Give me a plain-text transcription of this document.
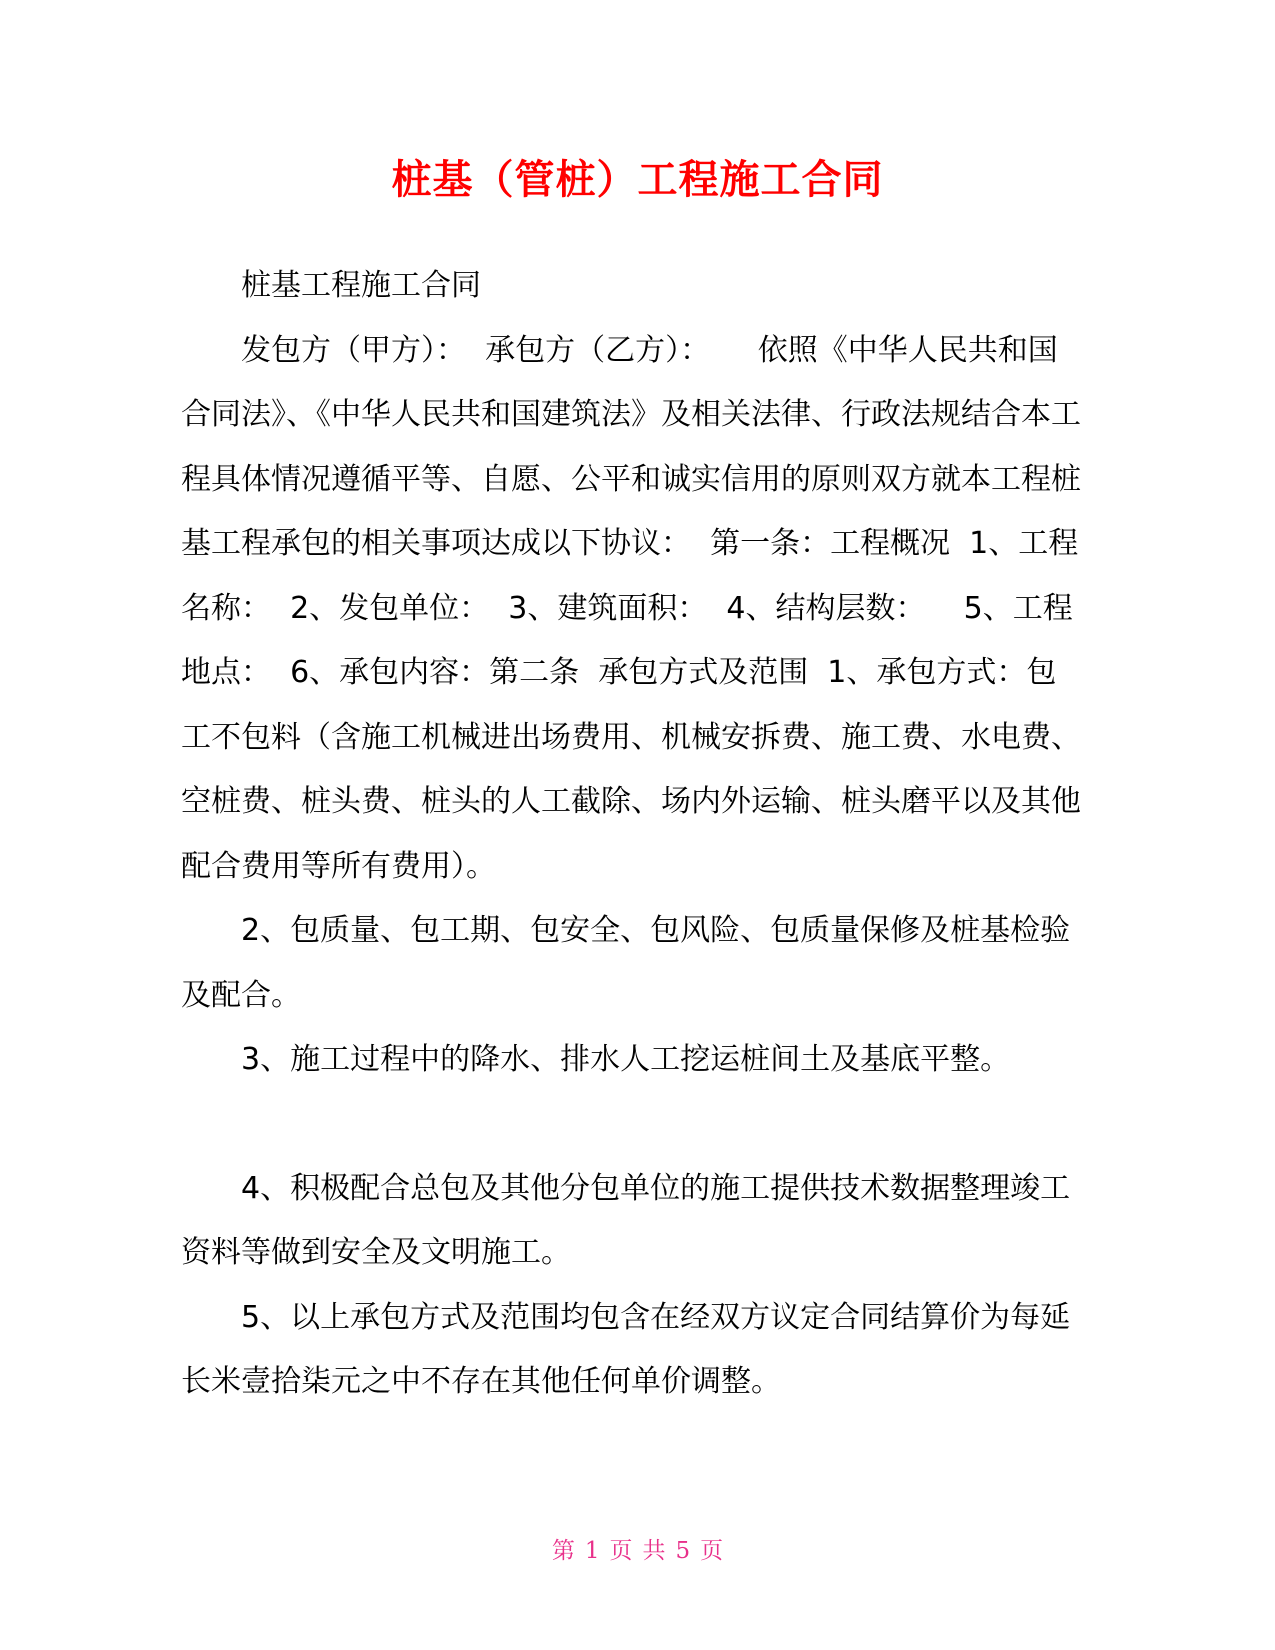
桩基（管桩）工程施工合同

桩基工程施工合同

发包方（甲方）：  承包方（乙方）：     依照《中华人民共和国合同法》、《中华人民共和国建筑法》及相关法律、行政法规结合本工程具体情况遵循平等、自愿、公平和诚实信用的原则双方就本工程桩基工程承包的相关事项达成以下协议：  第一条：工程概况  1、工程名称：  2、发包单位：  3、建筑面积：  4、结构层数：    5、工程地点：  6、承包内容：第二条  承包方式及范围  1、承包方式：包工不包料（含施工机械进出场费用、机械安拆费、施工费、水电费、空桩费、桩头费、桩头的人工截除、场内外运输、桩头磨平以及其他配合费用等所有费用）。

2、包质量、包工期、包安全、包风险、包质量保修及桩基检验及配合。

3、施工过程中的降水、排水人工挖运桩间土及基底平整。

4、积极配合总包及其他分包单位的施工提供技术数据整理竣工资料等做到安全及文明施工。

5、以上承包方式及范围均包含在经双方议定合同结算价为每延长米壹拾柒元之中不存在其他任何单价调整。

第 1 页 共 5 页
